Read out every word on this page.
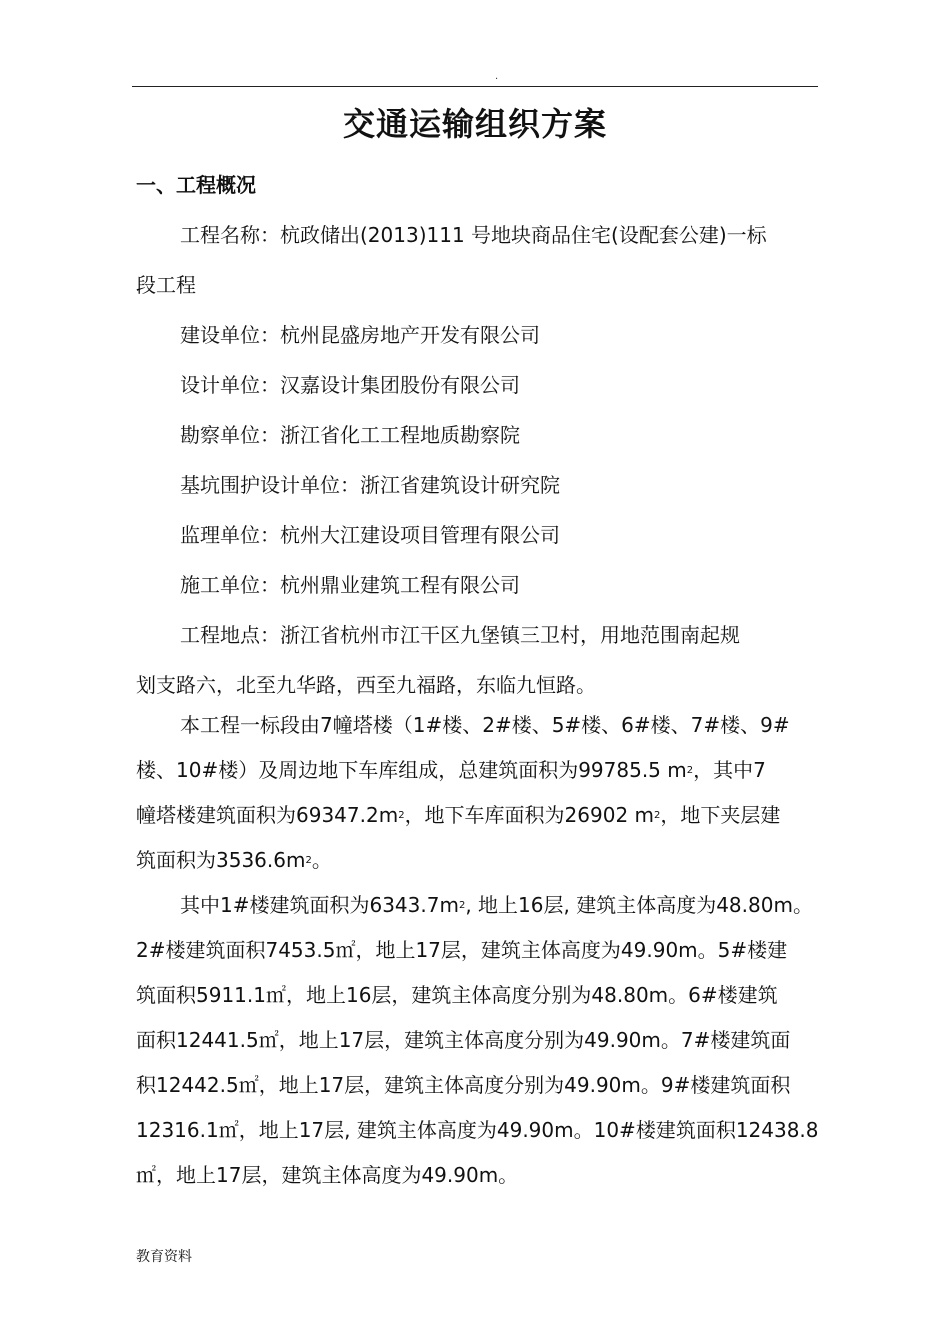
.
交通运输组织方案
一、工程概况
工程名称：杭政储出(2013)111 号地块商品住宅(设配套公建)一标
段工程
建设单位：杭州昆盛房地产开发有限公司
设计单位：汉嘉设计集团股份有限公司
勘察单位：浙江省化工工程地质勘察院
基坑围护设计单位：浙江省建筑设计研究院
监理单位：杭州大江建设项目管理有限公司
施工单位：杭州鼎业建筑工程有限公司
工程地点：浙江省杭州市江干区九堡镇三卫村，用地范围南起规
划支路六，北至九华路，西至九福路，东临九恒路。
本工程一标段由7幢塔楼（1#楼、2#楼、5#楼、6#楼、7#楼、9#
楼、10#楼）及周边地下车库组成，总建筑面积为99785.5 $m^2$，其中7
幢塔楼建筑面积为$69347.2m^2$，地下车库面积为26902 $m^2$，地下夹层建
筑面积为$3536.6m^2$。
其中1#楼建筑面积为$6343.7m^2$, 地上16层, 建筑主体高度为48.80m。
2#楼建筑面积7453.5㎡，地上17层，建筑主体高度为49.90m。5#楼建
筑面积5911.1㎡，地上16层，建筑主体高度分别为48.80m。6#楼建筑
面积12441.5㎡，地上17层，建筑主体高度分别为49.90m。7#楼建筑面
积12442.5㎡，地上17层，建筑主体高度分别为49.90m。9#楼建筑面积
12316.1㎡，地上17层, 建筑主体高度为49.90m。10#楼建筑面积12438.8
㎡，地上17层，建筑主体高度为49.90m。
教育资料
